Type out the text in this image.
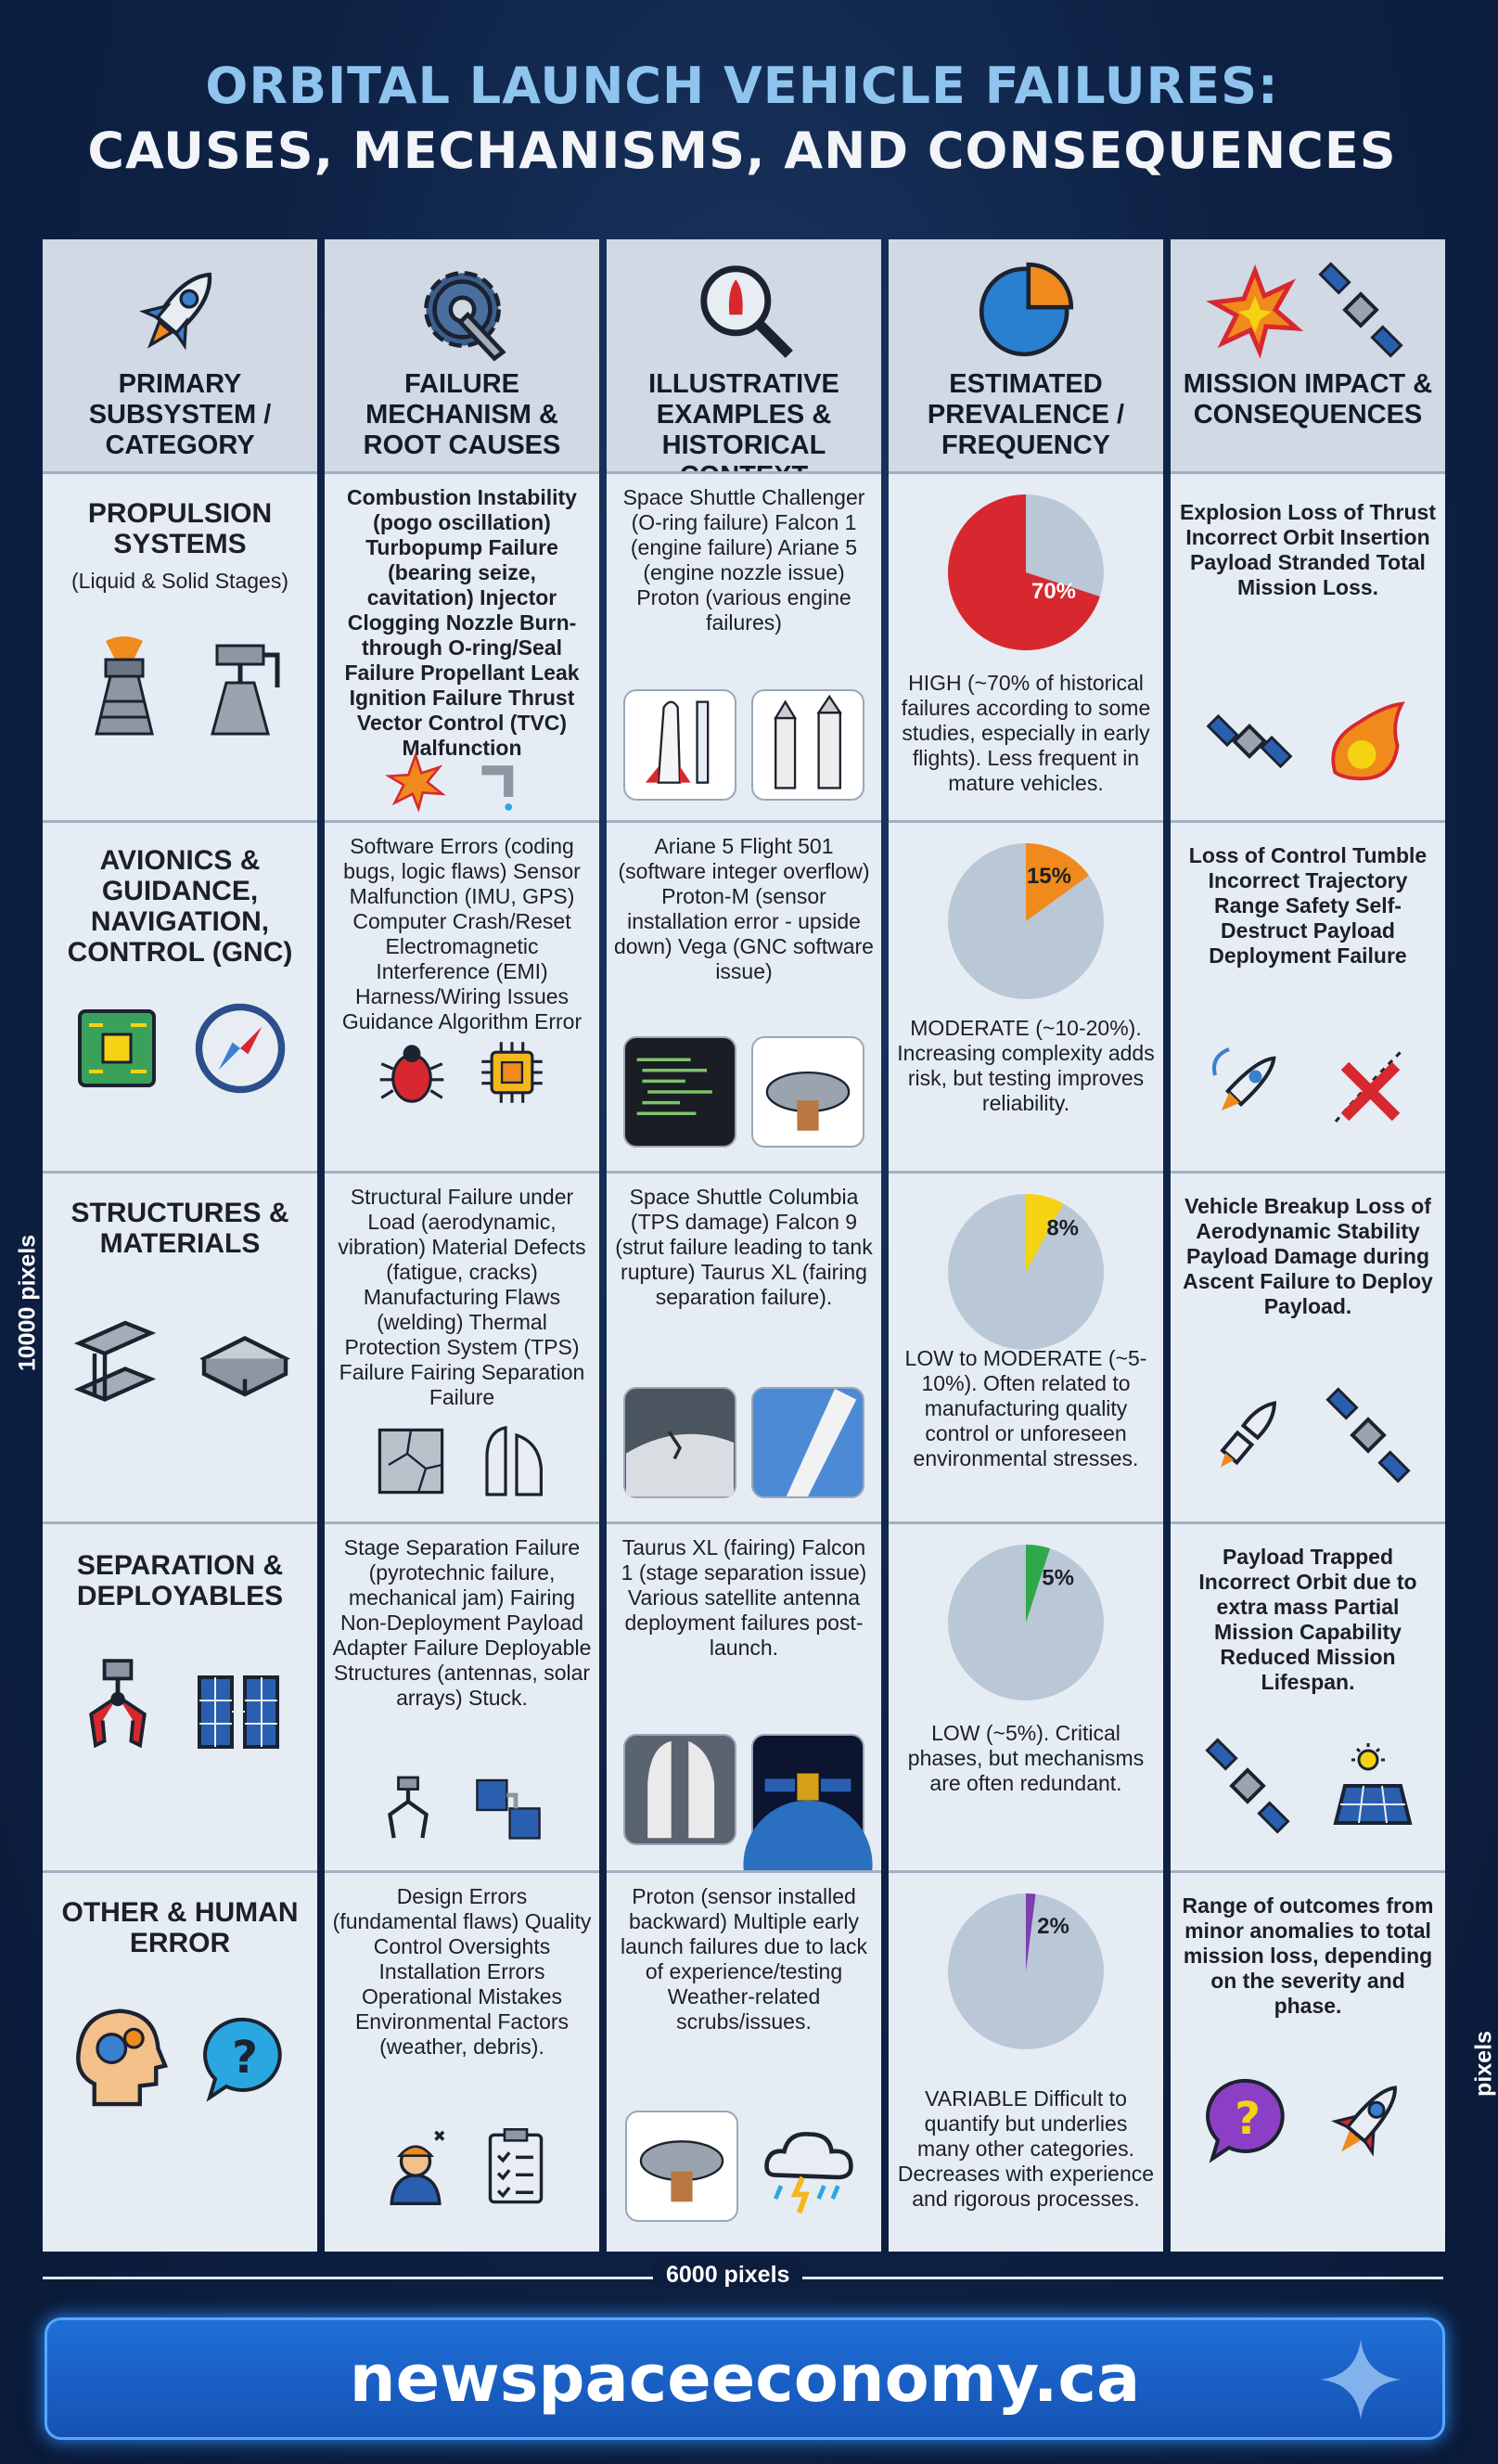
ORBITAL LAUNCH VEHICLE FAILURES:
CAUSES, MECHANISMS, AND CONSEQUENCES
PRIMARY SUBSYSTEM / CATEGORY
PROPULSION SYSTEMS
(Liquid & Solid Stages)
AVIONICS & GUIDANCE, NAVIGATION, CONTROL (GNC)
STRUCTURES & MATERIALS
SEPARATION & DEPLOYABLES
OTHER & HUMAN ERROR
?
FAILURE MECHANISM & ROOT CAUSES
Combustion Instability (pogo oscillation) Turbopump Failure (bearing seize, cavitation) Injector Clogging Nozzle Burn-through O-ring/Seal Failure Propellant Leak Ignition Failure Thrust Vector Control (TVC) Malfunction
Software Errors (coding bugs, logic flaws) Sensor Malfunction (IMU, GPS) Computer Crash/Reset Electromagnetic Interference (EMI) Harness/Wiring Issues Guidance Algorithm Error
Structural Failure under Load (aerodynamic, vibration) Material Defects (fatigue, cracks) Manufacturing Flaws (welding) Thermal Protection System (TPS) Failure Fairing Separation Failure
Stage Separation Failure (pyrotechnic failure, mechanical jam) Fairing Non-Deployment Payload Adapter Failure Deployable Structures (antennas, solar arrays) Stuck.
Design Errors (fundamental flaws) Quality Control Oversights Installation Errors Operational Mistakes Environmental Factors (weather, debris).
ILLUSTRATIVE EXAMPLES & HISTORICAL
Space Shuttle Challenger (O-ring failure) Falcon 1 (engine failure) Ariane 5 (engine nozzle issue) Proton (various engine failures)
Ariane 5 Flight 501 (software integer overflow) Proton-M (sensor installation error - upside down) Vega (GNC software issue)
Space Shuttle Columbia (TPS damage) Falcon 9 (strut failure leading to tank rupture) Taurus XL (fairing separation failure).
Taurus XL (fairing) Falcon 1 (stage separation issue) Various satellite antenna deployment failures post-launch.
Proton (sensor installed backward) Multiple early launch failures due to lack of experience/testing Weather-related scrubs/issues.
ESTIMATED PREVALENCE / FREQUENCY
70%
HIGH (~70% of historical failures according to some studies, especially in early flights). Less frequent in mature vehicles.
15%
MODERATE (~10-20%). Increasing complexity adds risk, but testing improves reliability.
8%
LOW to MODERATE (~5-10%). Often related to manufacturing quality control or unforeseen environmental stresses.
5%
LOW (~5%). Critical phases, but mechanisms are often redundant.
2%
VARIABLE Difficult to quantify but underlies many other categories. Decreases with experience and rigorous processes.
MISSION IMPACT & CONSEQUENCES
Explosion Loss of Thrust Incorrect Orbit Insertion Payload Stranded Total Mission Loss.
Loss of Control Tumble Incorrect Trajectory Range Safety Self-Destruct Payload Deployment Failure
Vehicle Breakup Loss of Aerodynamic Stability Payload Damage during Ascent Failure to Deploy Payload.
Payload Trapped Incorrect Orbit due to extra mass Partial Mission Capability Reduced Mission Lifespan.
Range of outcomes from minor anomalies to total mission loss, depending on the severity and phase.
?
6000 pixels
10000 pixels
pixels
newspaceeconomy.ca
